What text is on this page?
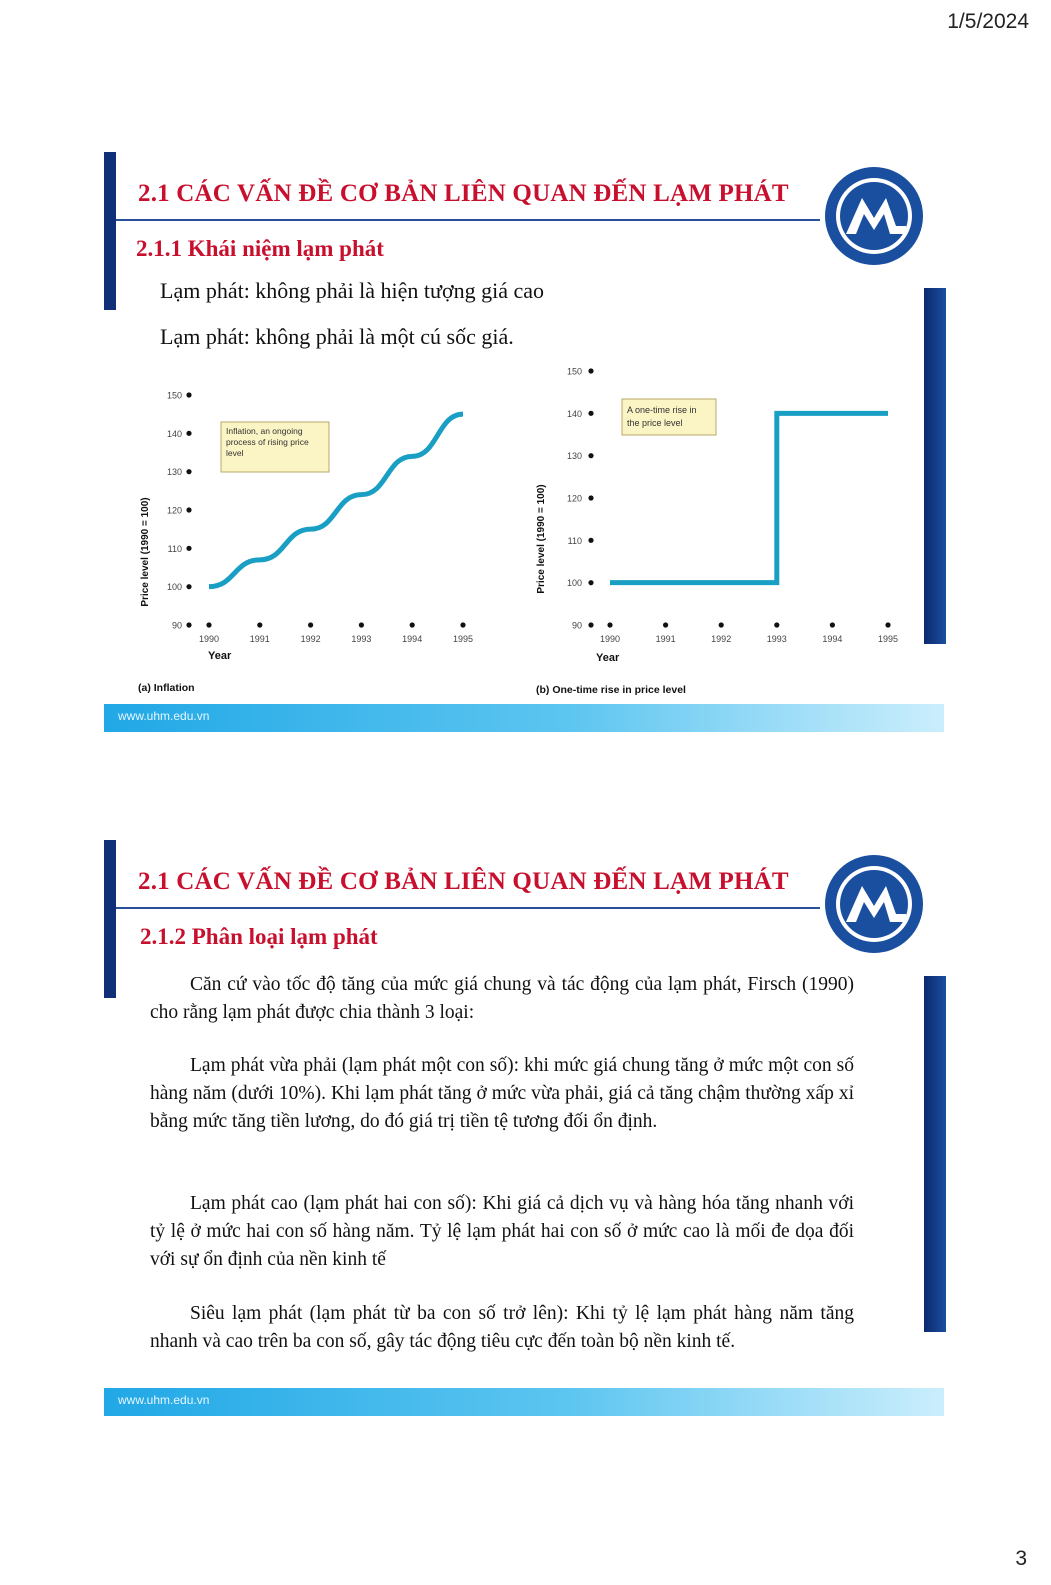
1/5/2024
2.1 CÁC VẤN ĐỀ CƠ BẢN LIÊN QUAN ĐẾN LẠM PHÁT
2.1.1 Khái niệm lạm phát
Lạm phát: không phải là hiện tượng giá cao
Lạm phát: không phải là một cú sốc giá.
90
100
110
120
130
140
150
1990	1991	1992	1993	1994	1995
Inflation, an ongoing process of rising price level
Year
Price level (1990 = 100)
(a) Inflation
90
100
110
120
130
140
150
1990	1991	1992	1993	1994	1995
A one-time rise in the price level
Year
Price level (1990 = 100)
(b) One-time rise in price level
www.uhm.edu.vn
2.1 CÁC VẤN ĐỀ CƠ BẢN LIÊN QUAN ĐẾN LẠM PHÁT
2.1.2 Phân loại lạm phát
Căn cứ vào tốc độ tăng của mức giá chung và tác động của lạm phát, Firsch (1990) cho rằng lạm phát được chia thành 3 loại:
Lạm phát vừa phải (lạm phát một con số): khi mức giá chung tăng ở mức một con số hàng năm (dưới 10%). Khi lạm phát tăng ở mức vừa phải, giá cả tăng chậm thường xấp xỉ bằng mức tăng tiền lương, do đó giá trị tiền tệ tương đối ổn định.
Lạm phát cao (lạm phát hai con số): Khi giá cả dịch vụ và hàng hóa tăng nhanh với tỷ lệ ở mức hai con số hàng năm. Tỷ lệ lạm phát hai con số ở mức cao là mối đe dọa đối với sự ổn định của nền kinh tế
Siêu lạm phát (lạm phát từ ba con số trở lên): Khi tỷ lệ lạm phát hàng năm tăng nhanh và cao trên ba con số, gây tác động tiêu cực đến toàn bộ nền kinh tế.
www.uhm.edu.vn
3
